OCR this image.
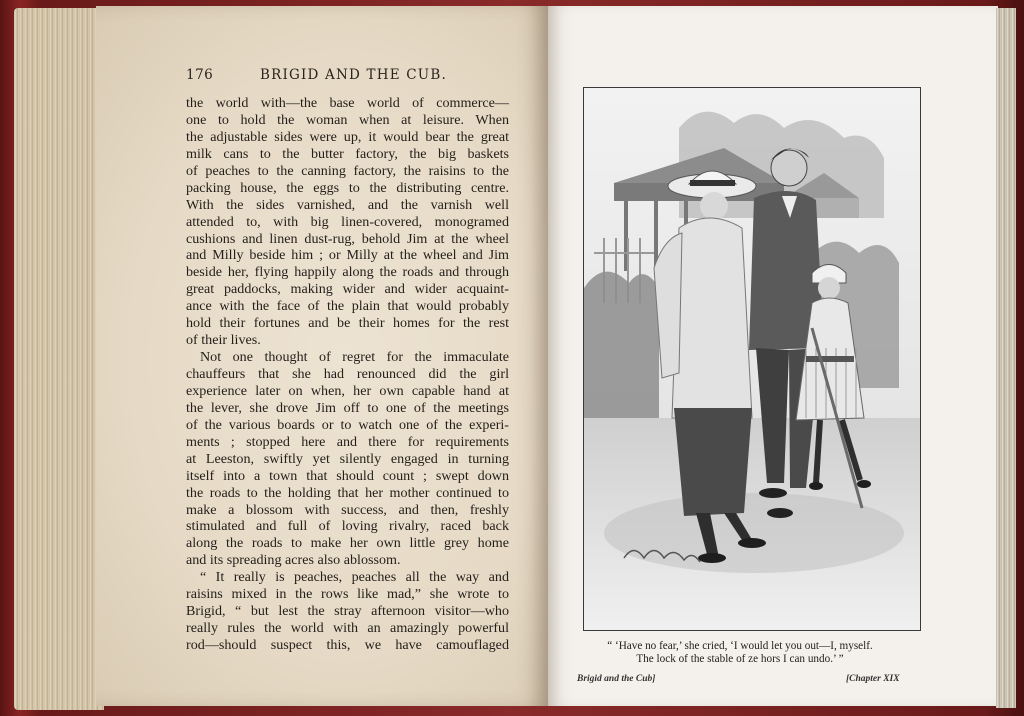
176	BRIGID AND THE CUB.
the world with—the base world of commerce—
one to hold the woman when at leisure. When
the adjustable sides were up, it would bear the great
milk cans to the butter factory, the big baskets
of peaches to the canning factory, the raisins to the
packing house, the eggs to the distributing centre.
With the sides varnished, and the varnish well
attended to, with big linen-covered, monogramed
cushions and linen dust-rug, behold Jim at the wheel
and Milly beside him ; or Milly at the wheel and Jim
beside her, flying happily along the roads and through
great paddocks, making wider and wider acquaint-
ance with the face of the plain that would probably
hold their fortunes and be their homes for the rest
of their lives.
Not one thought of regret for the immaculate
chauffeurs that she had renounced did the girl
experience later on when, her own capable hand at
the lever, she drove Jim off to one of the meetings
of the various boards or to watch one of the experi-
ments ; stopped here and there for requirements
at Leeston, swiftly yet silently engaged in turning
itself into a town that should count ; swept down
the roads to the holding that her mother continued to
make a blossom with success, and then, freshly
stimulated and full of loving rivalry, raced back
along the roads to make her own little grey home
and its spreading acres also ablossom.
“ It really is peaches, peaches all the way and
raisins mixed in the rows like mad,” she wrote to
Brigid, “ but lest the stray afternoon visitor—who
really rules the world with an amazingly powerful
rod—should suspect this, we have camouflaged	“ ‘Have no fear,’ she cried, ‘I would let you out—I, myself.
The lock of the stable of ze hors I can undo.’ ”
Brigid and the Cub]	[Chapter XIX
